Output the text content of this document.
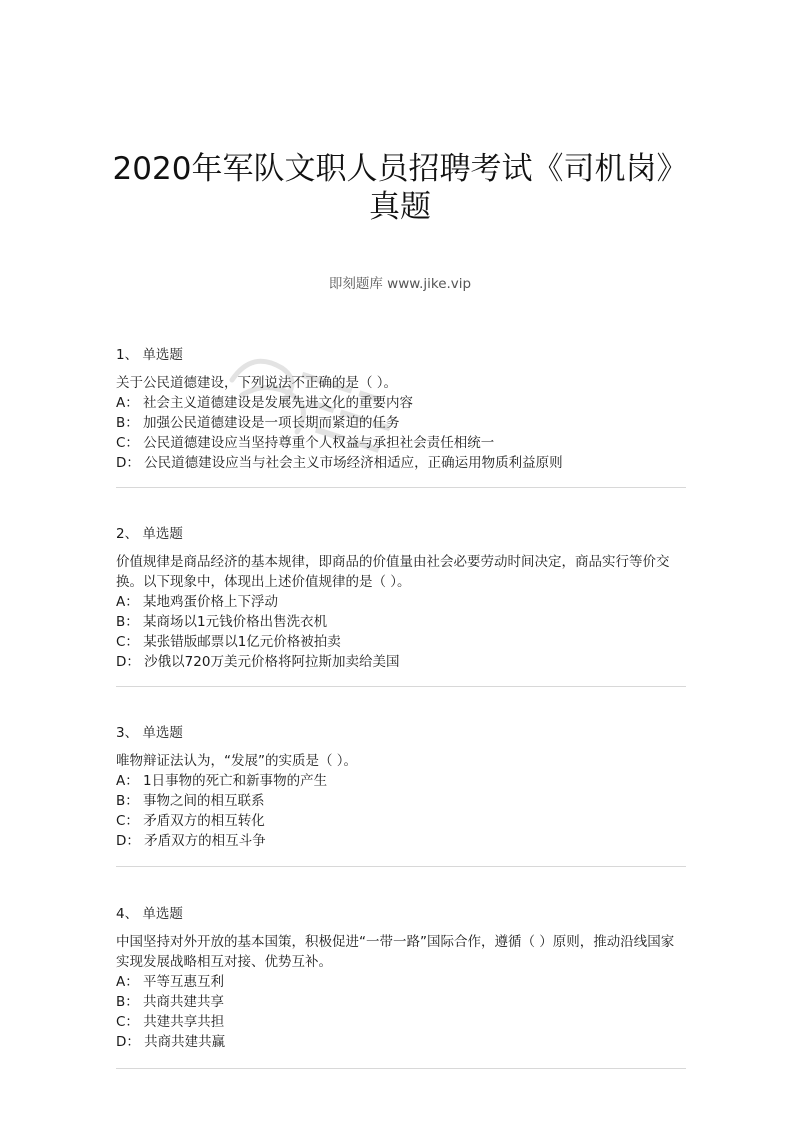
2020年军队文职人员招聘考试《司机岗》真题
即刻题库 www.jike.vip
1、 单选题
关于公民道德建设，下列说法不正确的是（ ）。
A： 社会主义道德建设是发展先进文化的重要内容
B： 加强公民道德建设是一项长期而紧迫的任务
C： 公民道德建设应当坚持尊重个人权益与承担社会责任相统一
D： 公民道德建设应当与社会主义市场经济相适应，正确运用物质利益原则
2、 单选题
价值规律是商品经济的基本规律，即商品的价值量由社会必要劳动时间决定，商品实行等价交换。以下现象中，体现出上述价值规律的是（ ）。
A： 某地鸡蛋价格上下浮动
B： 某商场以1元钱价格出售洗衣机
C： 某张错版邮票以1亿元价格被拍卖
D： 沙俄以720万美元价格将阿拉斯加卖给美国
3、 单选题
唯物辩证法认为，“发展”的实质是（ ）。
A： 1日事物的死亡和新事物的产生
B： 事物之间的相互联系
C： 矛盾双方的相互转化
D： 矛盾双方的相互斗争
4、 单选题
中国坚持对外开放的基本国策，积极促进“一带一路”国际合作，遵循（ ）原则，推动沿线国家实现发展战略相互对接、优势互补。
A： 平等互惠互利
B： 共商共建共享
C： 共建共享共担
D： 共商共建共赢
